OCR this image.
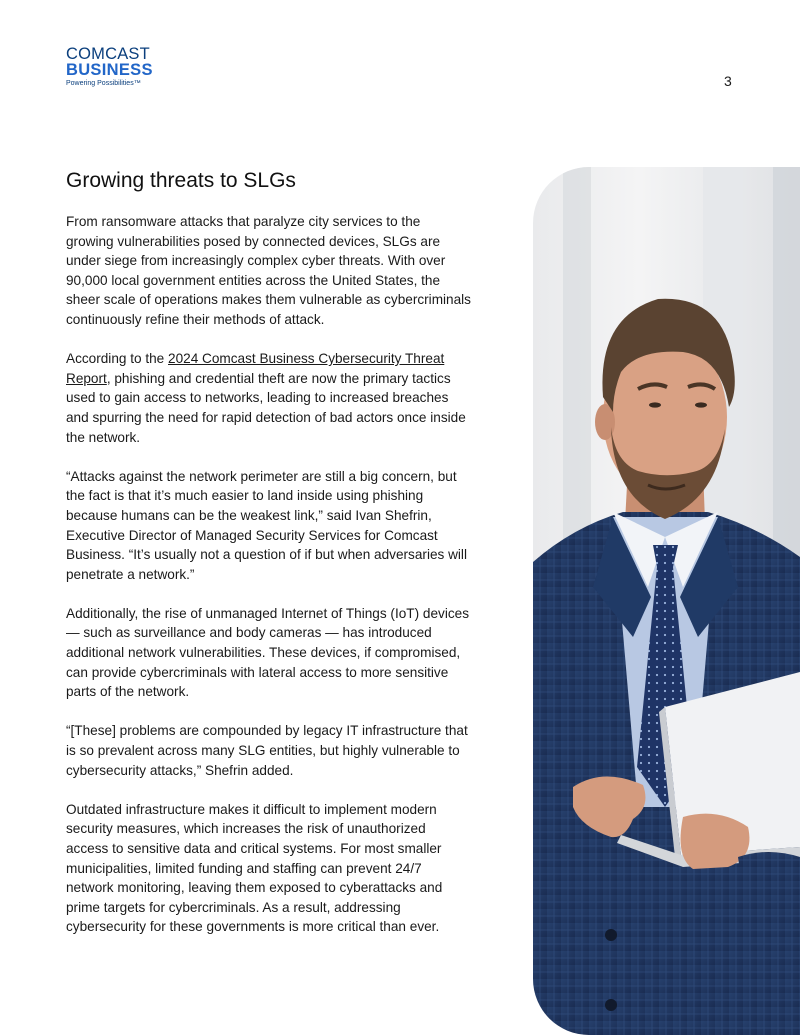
COMCAST
BUSINESS
Powering Possibilities™	3
Growing threats to SLGs

From ransomware attacks that paralyze city services to the growing vulnerabilities posed by connected devices, SLGs are under siege from increasingly complex cyber threats. With over 90,000 local government entities across the United States, the sheer scale of operations makes them vulnerable as cybercriminals continuously refine their methods of attack.

According to the 2024 Comcast Business Cybersecurity Threat Report, phishing and credential theft are now the primary tactics used to gain access to networks, leading to increased breaches and spurring the need for rapid detection of bad actors once inside the network.

“Attacks against the network perimeter are still a big concern, but the fact is that it’s much easier to land inside using phishing because humans can be the weakest link,” said Ivan Shefrin, Executive Director of Managed Security Services for Comcast Business. “It’s usually not a question of if but when adversaries will penetrate a network.”

Additionally, the rise of unmanaged Internet of Things (IoT) devices — such as surveillance and body cameras — has introduced additional network vulnerabilities. These devices, if compromised, can provide cybercriminals with lateral access to more sensitive parts of the network.

“[These] problems are compounded by legacy IT infrastructure that is so prevalent across many SLG entities, but highly vulnerable to cybersecurity attacks,” Shefrin added.

Outdated infrastructure makes it difficult to implement modern security measures, which increases the risk of unauthorized access to sensitive data and critical systems. For most smaller municipalities, limited funding and staffing can prevent 24/7 network monitoring, leaving them exposed to cyberattacks and prime targets for cybercriminals. As a result, addressing cybersecurity for these governments is more critical than ever.
